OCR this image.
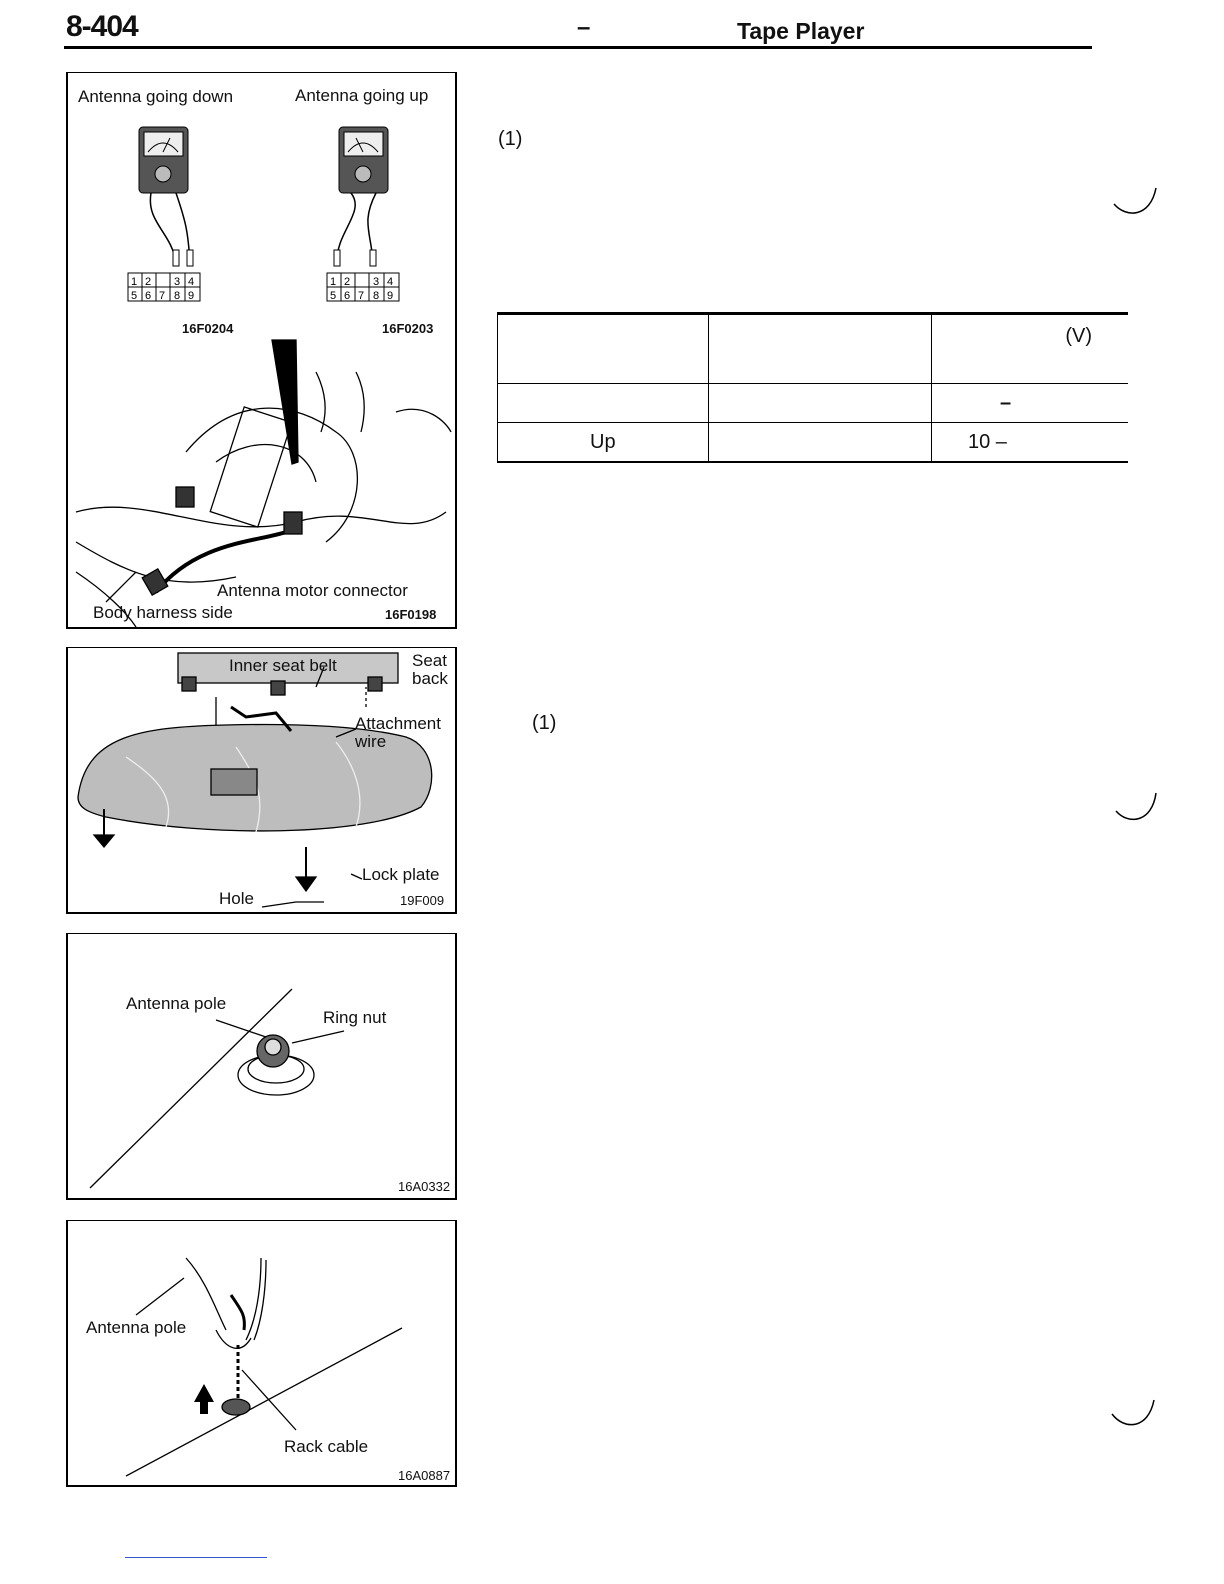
8-404	–	Tape Player
Antenna going down	Antenna going up
1 2 3 4
5 6 7 8 9
1 2 3 4
5 6 7 8 9
16F0204	16F0203
Antenna motor connector
Body harness side	16F0198
Inner seat belt	Seat
back
Attachment
wire
Lock plate
Hole	19F009
Antenna pole
Ring nut
16A0332
Antenna pole
Rack cable
16A0887
(1)
(1)
		(V)
		–
Up		10 –
